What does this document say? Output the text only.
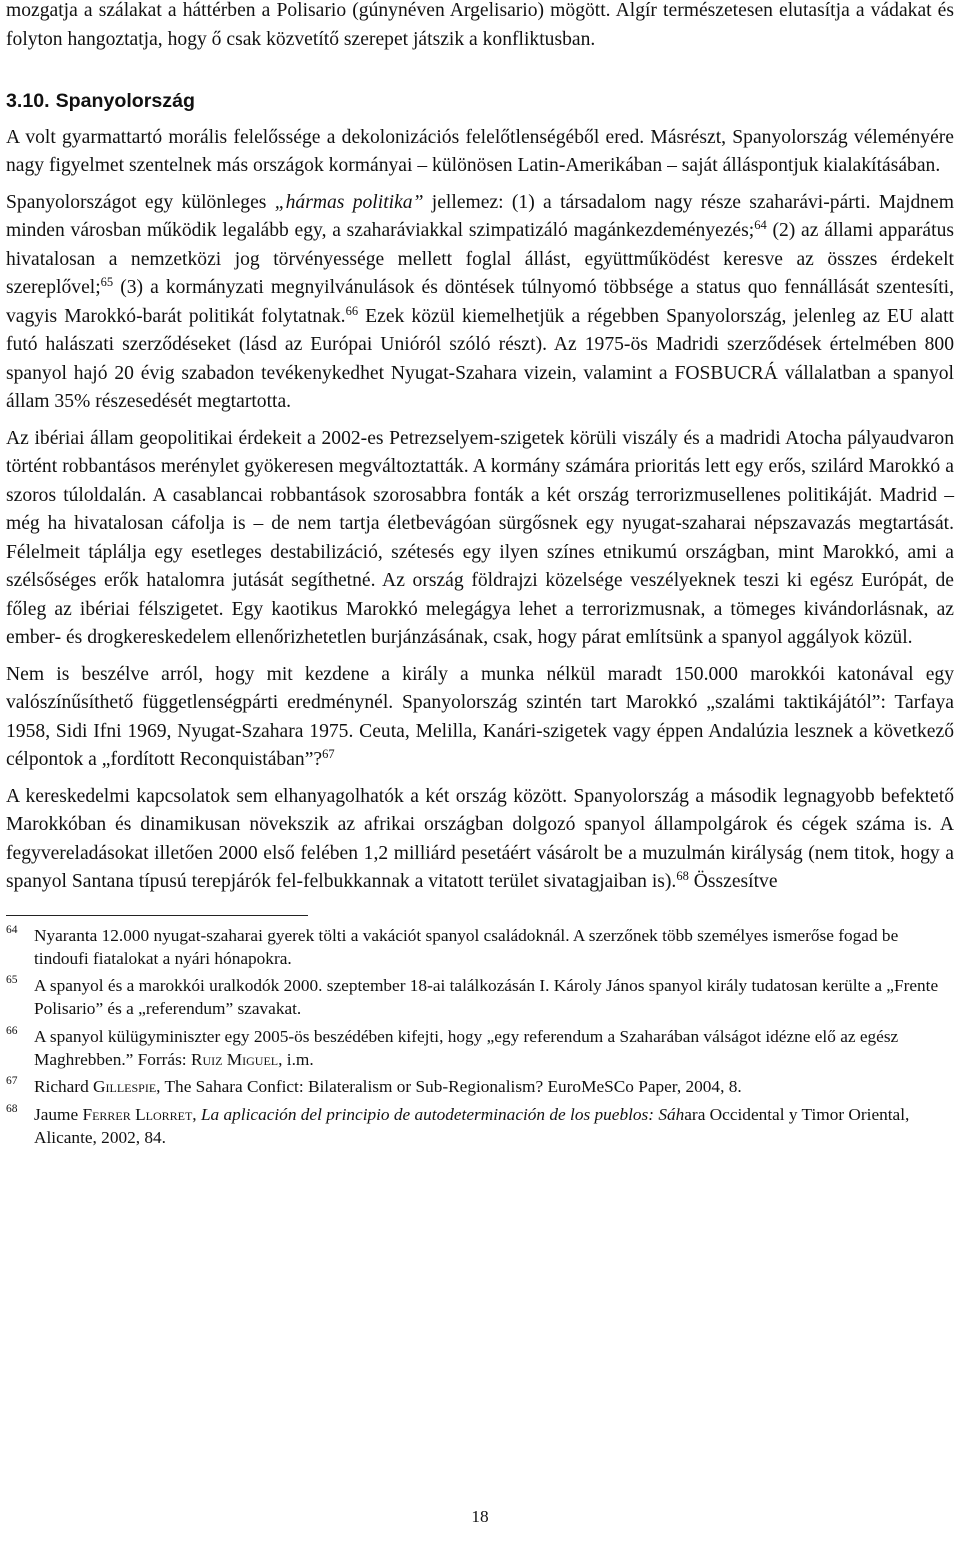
mozgatja a szálakat a háttérben a Polisario (gúnynéven Argelisario) mögött. Algír természetesen elutasítja a vádakat és folyton hangoztatja, hogy ő csak közvetítő szerepet játszik a konfliktusban.

3.10. Spanyolország

A volt gyarmattartó morális felelőssége a dekolonizációs felelőtlenségéből ered. Másrészt, Spanyolország véleményére nagy figyelmet szentelnek más országok kormányai – különösen Latin-Amerikában – saját álláspontjuk kialakításában.

Spanyolországot egy különleges „hármas politika” jellemez: (1) a társadalom nagy része szaharávi-párti. Majdnem minden városban működik legalább egy, a szaharáviakkal szimpatizáló magánkezdeményezés;$^{64}$ (2) az állami apparátus hivatalosan a nemzetközi jog törvényessége mellett foglal állást, együttműködést keresve az összes érdekelt szereplővel;$^{65}$ (3) a kormányzati megnyilvánulások és döntések túlnyomó többsége a status quo fennállását szentesíti, vagyis Marokkó-barát politikát folytatnak.$^{66}$ Ezek közül kiemelhetjük a régebben Spanyolország, jelenleg az EU alatt futó halászati szerződéseket (lásd az Európai Unióról szóló részt). Az 1975-ös Madridi szerződések értelmében 800 spanyol hajó 20 évig szabadon tevékenykedhet Nyugat-Szahara vizein, valamint a FOSBUCRÁ vállalatban a spanyol állam 35% részesedését megtartotta.

Az ibériai állam geopolitikai érdekeit a 2002-es Petrezselyem-szigetek körüli viszály és a madridi Atocha pályaudvaron történt robbantásos merénylet gyökeresen megváltoztatták. A kormány számára prioritás lett egy erős, szilárd Marokkó a szoros túloldalán. A casablancai robbantások szorosabbra fonták a két ország terrorizmusellenes politikáját. Madrid – még ha hivatalosan cáfolja is – de nem tartja életbevágóan sürgősnek egy nyugat-szaharai népszavazás megtartását. Félelmeit táplálja egy esetleges destabilizáció, szétesés egy ilyen színes etnikumú országban, mint Marokkó, ami a szélsőséges erők hatalomra jutását segíthetné. Az ország földrajzi közelsége veszélyeknek teszi ki egész Európát, de főleg az ibériai félszigetet. Egy kaotikus Marokkó melegágya lehet a terrorizmusnak, a tömeges kivándorlásnak, az ember- és drogkereskedelem ellenőrizhetetlen burjánzásának, csak, hogy párat említsünk a spanyol aggályok közül.

Nem is beszélve arról, hogy mit kezdene a király a munka nélkül maradt 150.000 marokkói katonával egy valószínűsíthető függetlenségpárti eredménynél. Spanyolország szintén tart Marokkó „szalámi taktikájától”: Tarfaya 1958, Sidi Ifni 1969, Nyugat-Szahara 1975. Ceuta, Melilla, Kanári-szigetek vagy éppen Andalúzia lesznek a következő célpontok a „fordított Reconquistában”?$^{67}$

A kereskedelmi kapcsolatok sem elhanyagolhatók a két ország között. Spanyolország a második legnagyobb befektető Marokkóban és dinamikusan növekszik az afrikai országban dolgozó spanyol állampolgárok és cégek száma is. A fegyvereladásokat illetően 2000 első felében 1,2 milliárd pesetáért vásárolt be a muzulmán királyság (nem titok, hogy a spanyol Santana típusú terepjárók fel-felbukkannak a vitatott terület sivatagjaiban is).$^{68}$ Összesítve

$^{64}$ Nyaranta 12.000 nyugat-szaharai gyerek tölti a vakációt spanyol családoknál. A szerzőnek több személyes ismerőse fogad be tindoufi fiatalokat a nyári hónapokra.
$^{65}$ A spanyol és a marokkói uralkodók 2000. szeptember 18-ai találkozásán I. Károly János spanyol király tudatosan kerülte a „Frente Polisario” és a „referendum” szavakat.
$^{66}$ A spanyol külügyminiszter egy 2005-ös beszédében kifejti, hogy „egy referendum a Szaharában válságot idézne elő az egész Maghrebben.” Forrás: Ruiz Miguel, i.m.
$^{67}$ Richard Gillespie, The Sahara Confict: Bilateralism or Sub-Regionalism? EuroMeSCo Paper, 2004, 8.
$^{68}$ Jaume Ferrer Llorret, La aplicación del principio de autodeterminación de los pueblos: Sáhara Occidental y Timor Oriental, Alicante, 2002, 84.
18
